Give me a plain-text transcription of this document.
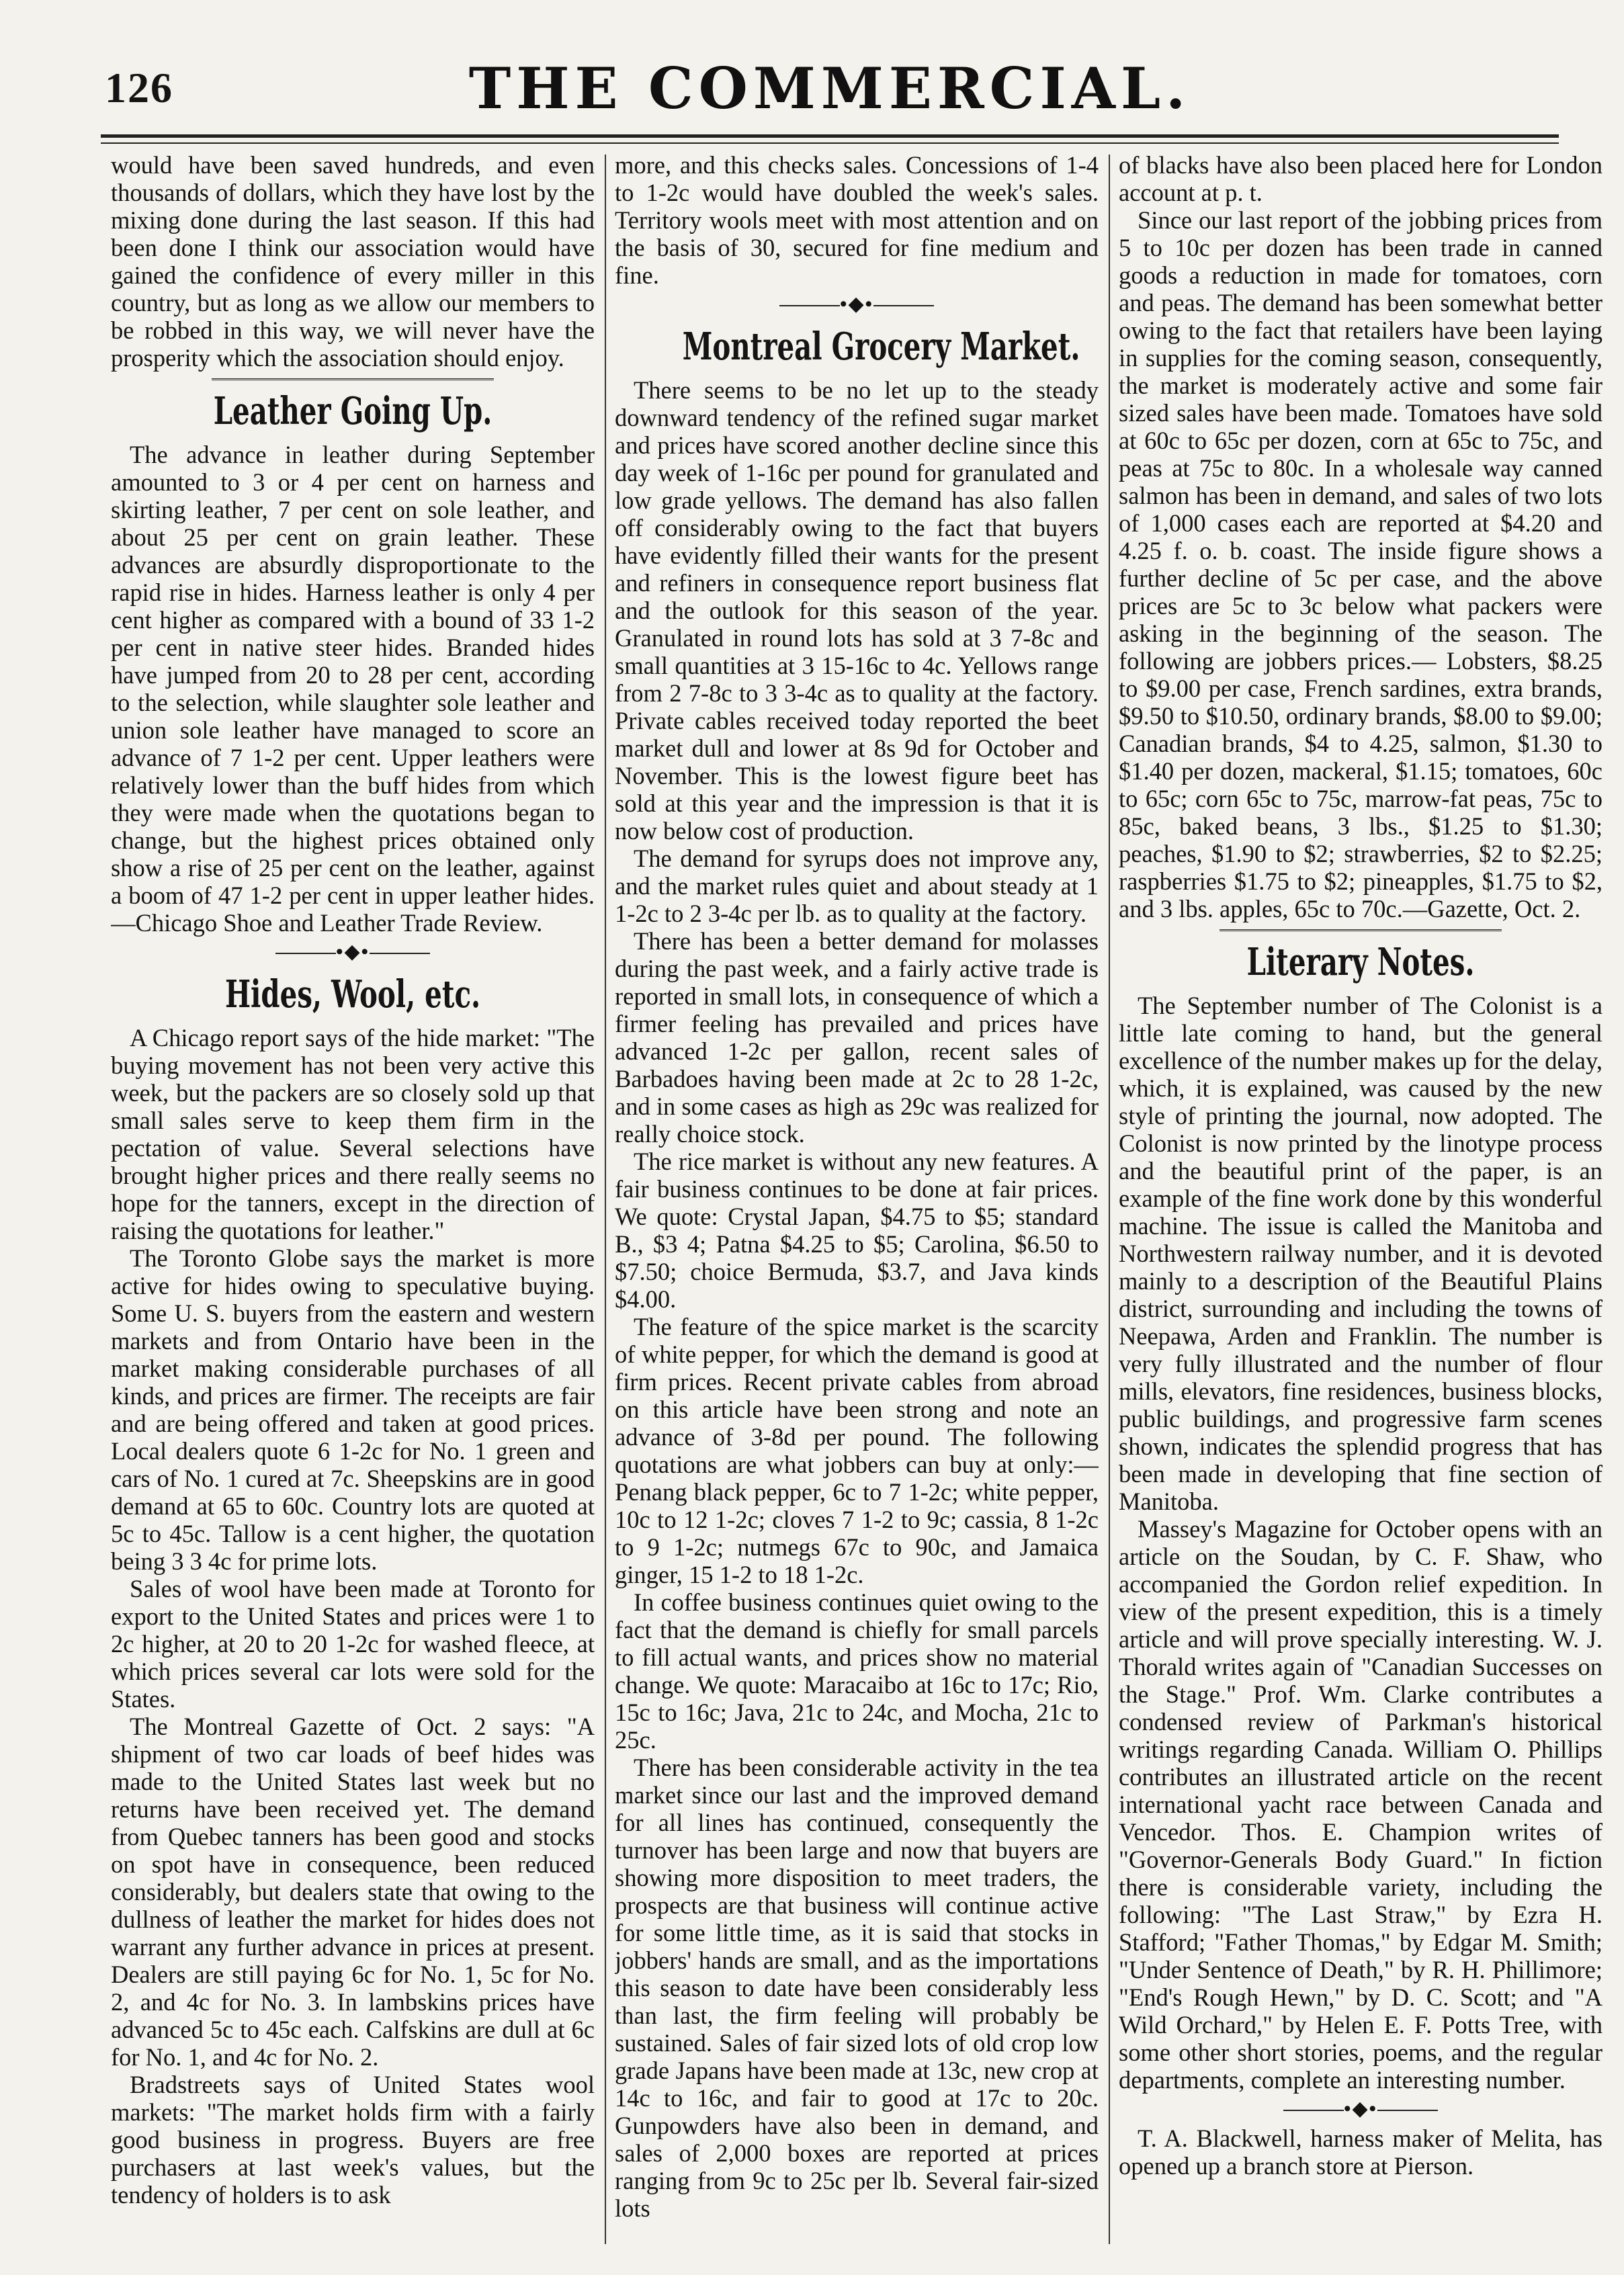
126	THE COMMERCIAL.

would have been saved hundreds, and even thousands of dollars, which they have lost by the mixing done during the last season. If this had been done I think our association would have gained the confidence of every miller in this country, but as long as we allow our members to be robbed in this way, we will never have the prosperity which the association should enjoy.

Leather Going Up.

The advance in leather during September amounted to 3 or 4 per cent on harness and skirting leather, 7 per cent on sole leather, and about 25 per cent on grain leather. These advances are absurdly disproportionate to the rapid rise in hides. Harness leather is only 4 per cent higher as compared with a bound of 33 1-2 per cent in native steer hides. Branded hides have jumped from 20 to 28 per cent, according to the selection, while slaughter sole leather and union sole leather have managed to score an advance of 7 1-2 per cent. Upper leathers were relatively lower than the buff hides from which they were made when the quotations began to change, but the highest prices obtained only show a rise of 25 per cent on the leather, against a boom of 47 1-2 per cent in upper leather hides.—Chicago Shoe and Leather Trade Review.

•◆•
Hides, Wool, etc.

A Chicago report says of the hide market: "The buying movement has not been very active this week, but the packers are so closely sold up that small sales serve to keep them firm in the pectation of value. Several selections have brought higher prices and there really seems no hope for the tanners, except in the direction of raising the quotations for leather."

The Toronto Globe says the market is more active for hides owing to speculative buying. Some U. S. buyers from the eastern and western markets and from Ontario have been in the market making considerable purchases of all kinds, and prices are firmer. The receipts are fair and are being offered and taken at good prices. Local dealers quote 6 1-2c for No. 1 green and cars of No. 1 cured at 7c. Sheepskins are in good demand at 65 to 60c. Country lots are quoted at 5c to 45c. Tallow is a cent higher, the quotation being 3 3 4c for prime lots.

Sales of wool have been made at Toronto for export to the United States and prices were 1 to 2c higher, at 20 to 20 1-2c for washed fleece, at which prices several car lots were sold for the States.

The Montreal Gazette of Oct. 2 says: "A shipment of two car loads of beef hides was made to the United States last week but no returns have been received yet. The demand from Quebec tanners has been good and stocks on spot have in consequence, been reduced considerably, but dealers state that owing to the dullness of leather the market for hides does not warrant any further advance in prices at present. Dealers are still paying 6c for No. 1, 5c for No. 2, and 4c for No. 3. In lambskins prices have advanced 5c to 45c each. Calfskins are dull at 6c for No. 1, and 4c for No. 2.

Bradstreets says of United States wool markets: "The market holds firm with a fairly good business in progress. Buyers are free purchasers at last week's values, but the tendency of holders is to ask

more, and this checks sales. Concessions of 1-4 to 1-2c would have doubled the week's sales. Territory wools meet with most attention and on the basis of 30, secured for fine medium and fine.

•◆•
Montreal Grocery Market.

There seems to be no let up to the steady downward tendency of the refined sugar market and prices have scored another decline since this day week of 1-16c per pound for granulated and low grade yellows. The demand has also fallen off considerably owing to the fact that buyers have evidently filled their wants for the present and refiners in consequence report business flat and the outlook for this season of the year. Granulated in round lots has sold at 3 7-8c and small quantities at 3 15-16c to 4c. Yellows range from 2 7-8c to 3 3-4c as to quality at the factory. Private cables received today reported the beet market dull and lower at 8s 9d for October and November. This is the lowest figure beet has sold at this year and the impression is that it is now below cost of production.

The demand for syrups does not improve any, and the market rules quiet and about steady at 1 1-2c to 2 3-4c per lb. as to quality at the factory.

There has been a better demand for molasses during the past week, and a fairly active trade is reported in small lots, in consequence of which a firmer feeling has prevailed and prices have advanced 1-2c per gallon, recent sales of Barbadoes having been made at 2c to 28 1-2c, and in some cases as high as 29c was realized for really choice stock.

The rice market is without any new features. A fair business continues to be done at fair prices. We quote: Crystal Japan, $4.75 to $5; standard B., $3 4; Patna $4.25 to $5; Carolina, $6.50 to $7.50; choice Bermuda, $3.7, and Java kinds $4.00.

The feature of the spice market is the scarcity of white pepper, for which the demand is good at firm prices. Recent private cables from abroad on this article have been strong and note an advance of 3-8d per pound. The following quotations are what jobbers can buy at only:—Penang black pepper, 6c to 7 1-2c; white pepper, 10c to 12 1-2c; cloves 7 1-2 to 9c; cassia, 8 1-2c to 9 1-2c; nutmegs 67c to 90c, and Jamaica ginger, 15 1-2 to 18 1-2c.

In coffee business continues quiet owing to the fact that the demand is chiefly for small parcels to fill actual wants, and prices show no material change. We quote: Maracaibo at 16c to 17c; Rio, 15c to 16c; Java, 21c to 24c, and Mocha, 21c to 25c.

There has been considerable activity in the tea market since our last and the improved demand for all lines has continued, consequently the turnover has been large and now that buyers are showing more disposition to meet traders, the prospects are that business will continue active for some little time, as it is said that stocks in jobbers' hands are small, and as the importations this season to date have been considerably less than last, the firm feeling will probably be sustained. Sales of fair sized lots of old crop low grade Japans have been made at 13c, new crop at 14c to 16c, and fair to good at 17c to 20c. Gunpowders have also been in demand, and sales of 2,000 boxes are reported at prices ranging from 9c to 25c per lb. Several fair-sized lots

of blacks have also been placed here for London account at p. t.

Since our last report of the jobbing prices from 5 to 10c per dozen has been trade in canned goods a reduction in made for tomatoes, corn and peas. The demand has been somewhat better owing to the fact that retailers have been laying in supplies for the coming season, consequently, the market is moderately active and some fair sized sales have been made. Tomatoes have sold at 60c to 65c per dozen, corn at 65c to 75c, and peas at 75c to 80c. In a wholesale way canned salmon has been in demand, and sales of two lots of 1,000 cases each are reported at $4.20 and 4.25 f. o. b. coast. The inside figure shows a further decline of 5c per case, and the above prices are 5c to 3c below what packers were asking in the beginning of the season. The following are jobbers prices.— Lobsters, $8.25 to $9.00 per case, French sardines, extra brands, $9.50 to $10.50, ordinary brands, $8.00 to $9.00; Canadian brands, $4 to 4.25, salmon, $1.30 to $1.40 per dozen, mackeral, $1.15; tomatoes, 60c to 65c; corn 65c to 75c, marrow-fat peas, 75c to 85c, baked beans, 3 lbs., $1.25 to $1.30; peaches, $1.90 to $2; strawberries, $2 to $2.25; raspberries $1.75 to $2; pineapples, $1.75 to $2, and 3 lbs. apples, 65c to 70c.—Gazette, Oct. 2.

Literary Notes.

The September number of The Colonist is a little late coming to hand, but the general excellence of the number makes up for the delay, which, it is explained, was caused by the new style of printing the journal, now adopted. The Colonist is now printed by the linotype process and the beautiful print of the paper, is an example of the fine work done by this wonderful machine. The issue is called the Manitoba and Northwestern railway number, and it is devoted mainly to a description of the Beautiful Plains district, surrounding and including the towns of Neepawa, Arden and Franklin. The number is very fully illustrated and the number of flour mills, elevators, fine residences, business blocks, public buildings, and progressive farm scenes shown, indicates the splendid progress that has been made in developing that fine section of Manitoba.

Massey's Magazine for October opens with an article on the Soudan, by C. F. Shaw, who accompanied the Gordon relief expedition. In view of the present expedition, this is a timely article and will prove specially interesting. W. J. Thorald writes again of "Canadian Successes on the Stage." Prof. Wm. Clarke contributes a condensed review of Parkman's historical writings regarding Canada. William O. Phillips contributes an illustrated article on the recent international yacht race between Canada and Vencedor. Thos. E. Champion writes of "Governor-Generals Body Guard." In fiction there is considerable variety, including the following: "The Last Straw," by Ezra H. Stafford; "Father Thomas," by Edgar M. Smith; "Under Sentence of Death," by R. H. Phillimore; "End's Rough Hewn," by D. C. Scott; and "A Wild Orchard," by Helen E. F. Potts Tree, with some other short stories, poems, and the regular departments, complete an interesting number.

•◆•

T. A. Blackwell, harness maker of Melita, has opened up a branch store at Pierson.
